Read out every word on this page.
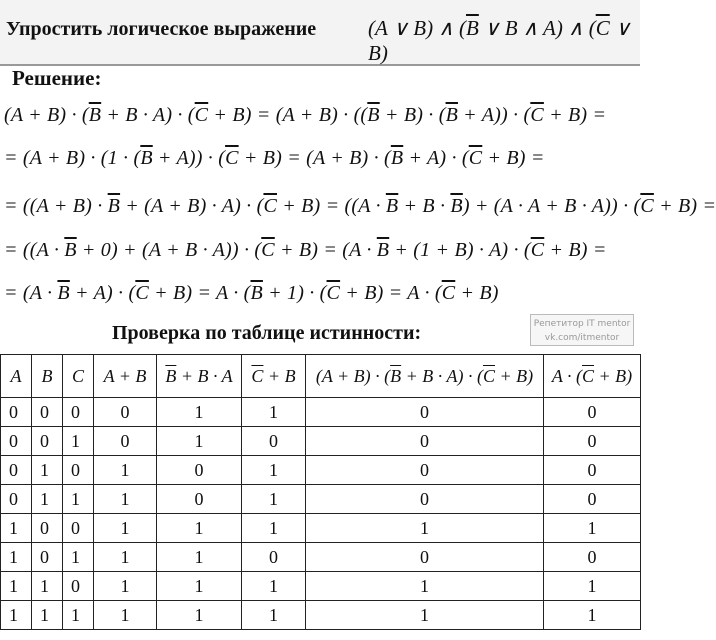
Упростить логическое выражение (A ∨ B) ∧ ($\overline{B}$ ∨ B ∧ A) ∧ ($\overline{C}$ ∨ B)
Решение:
$(A + B) \cdot (\overline{B} + B \cdot A) \cdot (\overline{C} + B) = (A + B) \cdot ((\overline{B} + B) \cdot (\overline{B} + A)) \cdot (\overline{C} + B)$ =
= $(A + B) \cdot (1 \cdot (\overline{B} + A)) \cdot (\overline{C} + B) = (A + B) \cdot (\overline{B} + A) \cdot (\overline{C} + B)$ =
= $((A + B) \cdot \overline{B} + (A + B) \cdot A) \cdot (\overline{C} + B) = ((A \cdot \overline{B} + B \cdot \overline{B}) + (A \cdot A + B \cdot A)) \cdot (\overline{C} + B)$ =
= $((A \cdot \overline{B} + 0) + (A + B \cdot A)) \cdot (\overline{C} + B) = (A \cdot \overline{B} + (1 + B) \cdot A) \cdot (\overline{C} + B)$ =
= $(A \cdot \overline{B} + A) \cdot (\overline{C} + B) = A \cdot (\overline{B} + 1) \cdot (\overline{C} + B) = A \cdot (\overline{C} + B)$
Проверка по таблице истинности:	Репетитор IT mentor
vk.com/itmentor
A	B	C	A + B	$\overline{B} + B \cdot A$	$\overline{C} + B$	$(A + B) \cdot (\overline{B} + B \cdot A) \cdot (\overline{C} + B)$	$A \cdot (\overline{C} + B)$
0	0	0	0	1	1	0	0
0	0	1	0	1	0	0	0
0	1	0	1	0	1	0	0
0	1	1	1	0	1	0	0
1	0	0	1	1	1	1	1
1	0	1	1	1	0	0	0
1	1	0	1	1	1	1	1
1	1	1	1	1	1	1	1
